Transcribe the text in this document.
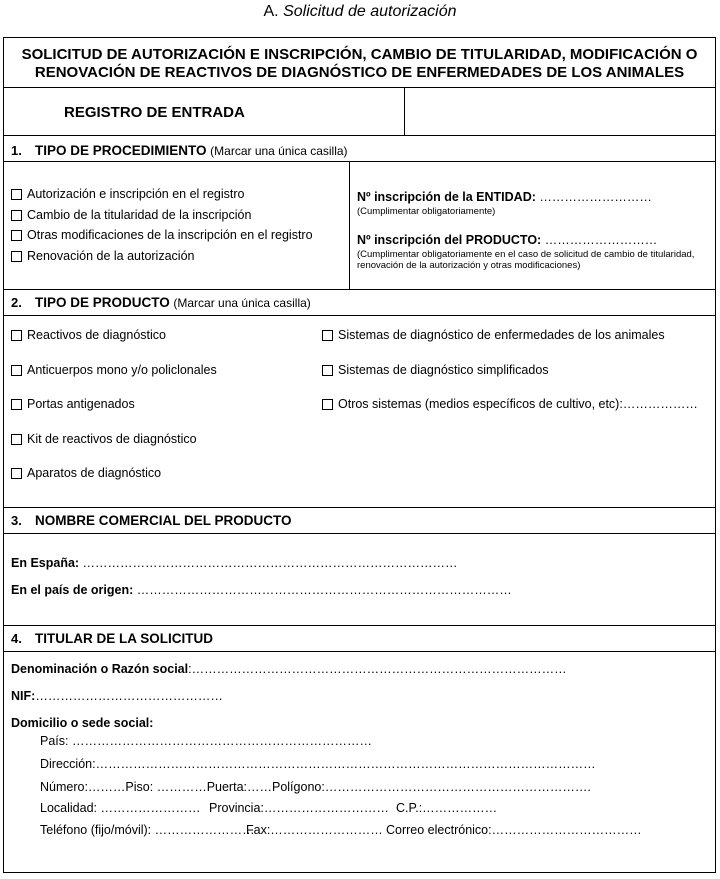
A. Solicitud de autorización
SOLICITUD DE AUTORIZACIÓN E INSCRIPCIÓN, CAMBIO DE TITULARIDAD, MODIFICACIÓN O
RENOVACIÓN DE REACTIVOS DE DIAGNÓSTICO DE ENFERMEDADES DE LOS ANIMALES
REGISTRO DE ENTRADA
1. TIPO DE PROCEDIMIENTO (Marcar una única casilla)
Autorización e inscripción en el registro
Cambio de la titularidad de la inscripción
Otras modificaciones de la inscripción en el registro
Renovación de la autorización
Nº inscripción de la ENTIDAD: ………………………
(Cumplimentar obligatoriamente)
Nº inscripción del PRODUCTO: ………………………
(Cumplimentar obligatoriamente en el caso de solicitud de cambio de titularidad,
renovación de la autorización y otras modificaciones)
2. TIPO DE PRODUCTO (Marcar una única casilla)
Reactivos de diagnóstico
Anticuerpos mono y/o policlonales
Portas antigenados
Kit de reactivos de diagnóstico
Aparatos de diagnóstico
Sistemas de diagnóstico de enfermedades de los animales
Sistemas de diagnóstico simplificados
Otros sistemas (medios específicos de cultivo, etc):………………
3. NOMBRE COMERCIAL DEL PRODUCTO
En España: ………………………………………………………………………………
En el país de origen: ………………………………………………………………………………
4. TITULAR DE LA SOLICITUD
Denominación o Razón social:………………………………………………………………………………
NIF:………………………………………
Domicilio o sede social:
País: ………………………………………………………………
Dirección:…………………………………………………………………………………………………………
Número:………Piso: …………Puerta:……Polígono:……………………………………………………….
Localidad: …………………… Provincia:………………………… C.P.:………………
Teléfono (fijo/móvil): ……………………
Fax:……………………… Correo electrónico:………………………………
